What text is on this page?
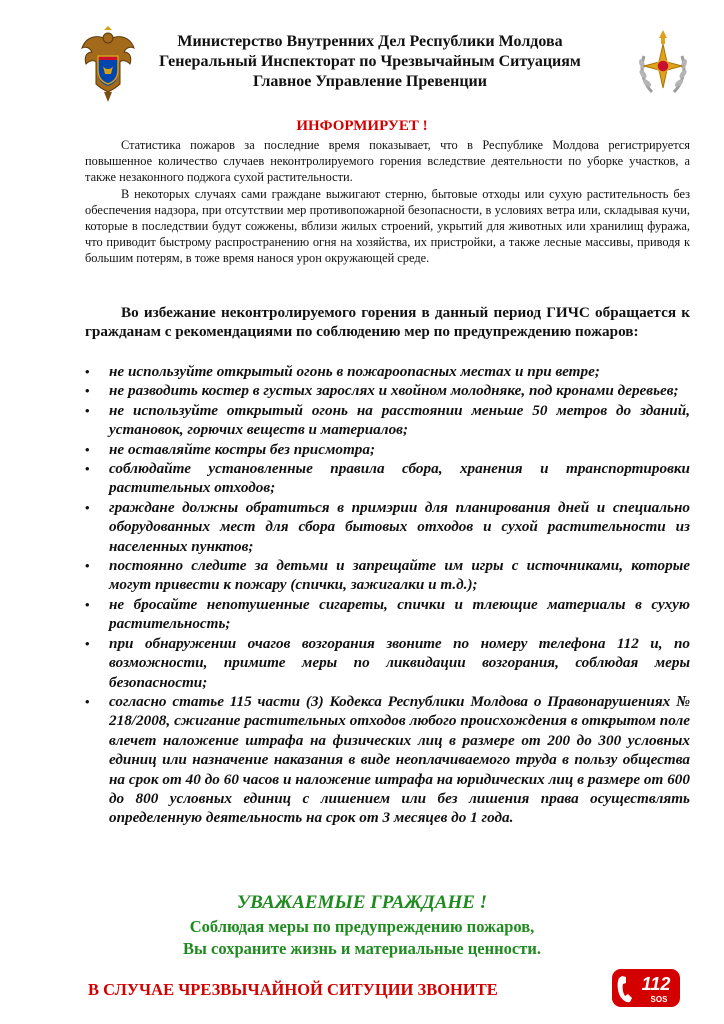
Министерство Внутренних Дел Республики Молдова
Генеральный Инспекторат по Чрезвычайным Ситуациям
Главное Управление Превенции
ИНФОРМИРУЕТ !

Статистика пожаров за последние время показывает, что в Республике Молдова регистрируется повышенное количество случаев неконтролируемого горения вследствие деятельности по уборке участков, а также незаконного поджога сухой растительности.

В некоторых случаях сами граждане выжигают стерню, бытовые отходы или сухую растительность без обеспечения надзора, при отсутствии мер противопожарной безопасности, в условиях ветра или, складывая кучи, которые в последствии будут сожжены, вблизи жилых строений, укрытий для животных или хранилищ фуража, что приводит быстрому распространению огня на хозяйства, их пристройки, а также лесные массивы, приводя к большим потерям, в тоже время нанося урон окружающей среде.

Во избежание неконтролируемого горения в данный период ГИЧС обращается к гражданам с рекомендациями по соблюдению мер по предупреждению пожаров:

• не используйте открытый огонь в пожароопасных местах и при ветре;
• не разводить костер в густых зарослях и хвойном молодняке, под кронами деревьев;
• не используйте открытый огонь на расстоянии меньше 50 метров до зданий, установок, горючих веществ и материалов;
• не оставляйте костры без присмотра;
• соблюдайте установленные правила сбора, хранения и транспортировки растительных отходов;
• граждане должны обратиться в примэрии для планирования дней и специально оборудованных мест для сбора бытовых отходов и сухой растительности из населенных пунктов;
• постоянно следите за детьми и запрещайте им игры с источниками, которые могут привести к пожару (спички, зажигалки и т.д.);
• не бросайте непотушенные сигареты, спички и тлеющие материалы в сухую растительность;
• при обнаружении очагов возгорания звоните по номеру телефона 112 и, по возможности, примите меры по ликвидации возгорания, соблюдая меры безопасности;
• согласно статье 115 части (3) Кодекса Республики Молдова о Правонарушениях № 218/2008, сжигание растительных отходов любого происхождения в открытом поле влечет наложение штрафа на физических лиц в размере от 200 до 300 условных единиц или назначение наказания в виде неоплачиваемого труда в пользу общества на срок от 40 до 60 часов и наложение штрафа на юридических лиц в размере от 600 до 800 условных единиц с лишением или без лишения права осуществлять определенную деятельность на срок от 3 месяцев до 1 года.
УВАЖАЕМЫЕ ГРАЖДАНЕ !
Соблюдая меры по предупреждению пожаров,
Вы сохраните жизнь и материальные ценности.
В СЛУЧАЕ ЧРЕЗВЫЧАЙНОЙ СИТУЦИИ ЗВОНИТЕ	112
SOS
